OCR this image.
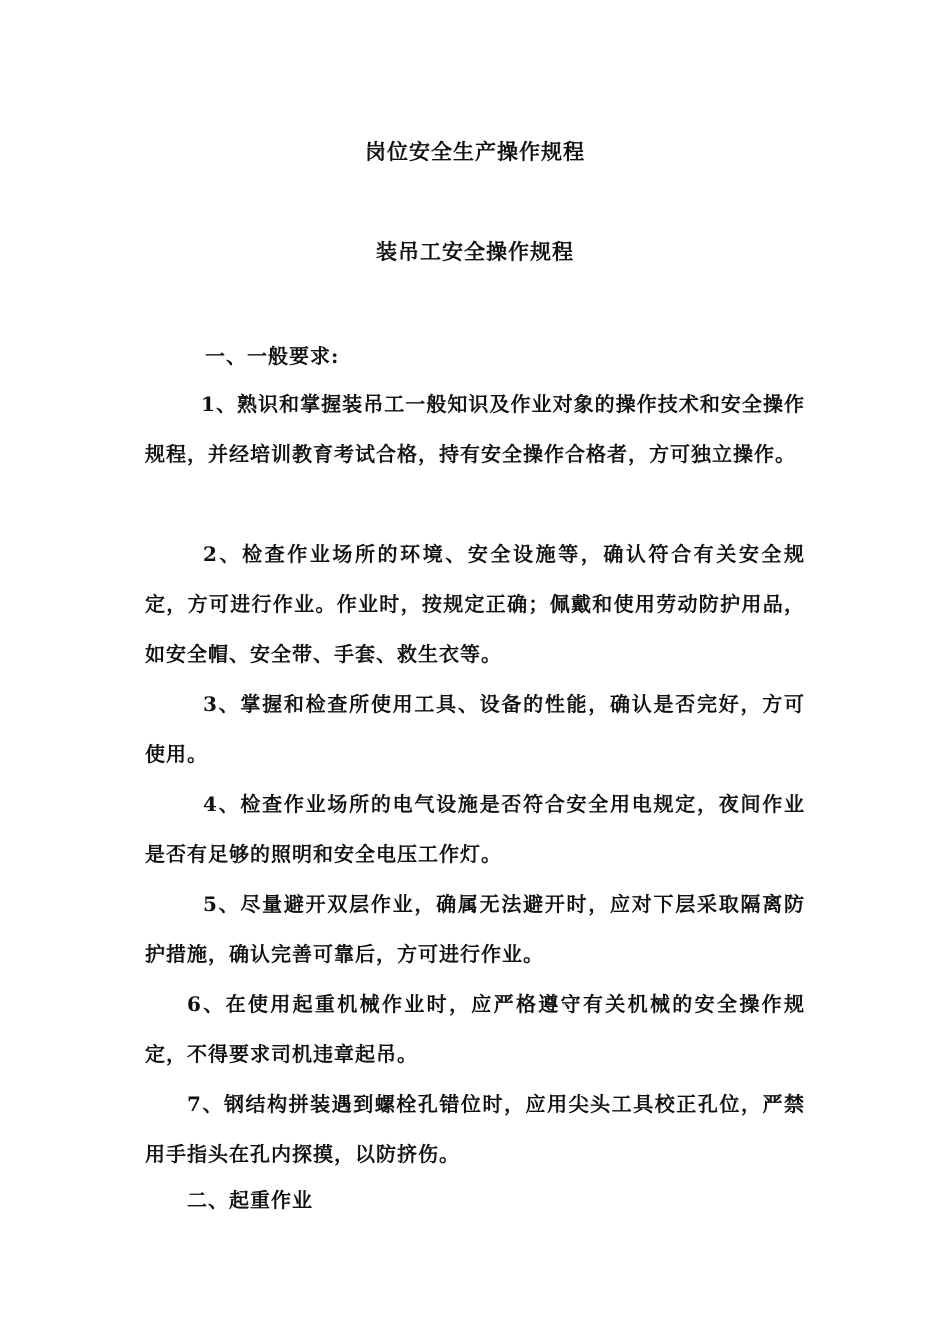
岗位安全生产操作规程
装吊工安全操作规程

一、一般要求:

1、熟识和掌握装吊工一般知识及作业对象的操作技术和安全操作规程，并经培训教育考试合格，持有安全操作合格者，方可独立操作。

2、检查作业场所的环境、安全设施等，确认符合有关安全规定，方可进行作业。作业时，按规定正确；佩戴和使用劳动防护用品，如安全帽、安全带、手套、救生衣等。

3、掌握和检查所使用工具、设备的性能，确认是否完好，方可使用。

4、检查作业场所的电气设施是否符合安全用电规定，夜间作业是否有足够的照明和安全电压工作灯。

5、尽量避开双层作业，确属无法避开时，应对下层采取隔离防护措施，确认完善可靠后，方可进行作业。

6、在使用起重机械作业时，应严格遵守有关机械的安全操作规定，不得要求司机违章起吊。

7、钢结构拼装遇到螺栓孔错位时，应用尖头工具校正孔位，严禁用手指头在孔内探摸，以防挤伤。

二、起重作业
